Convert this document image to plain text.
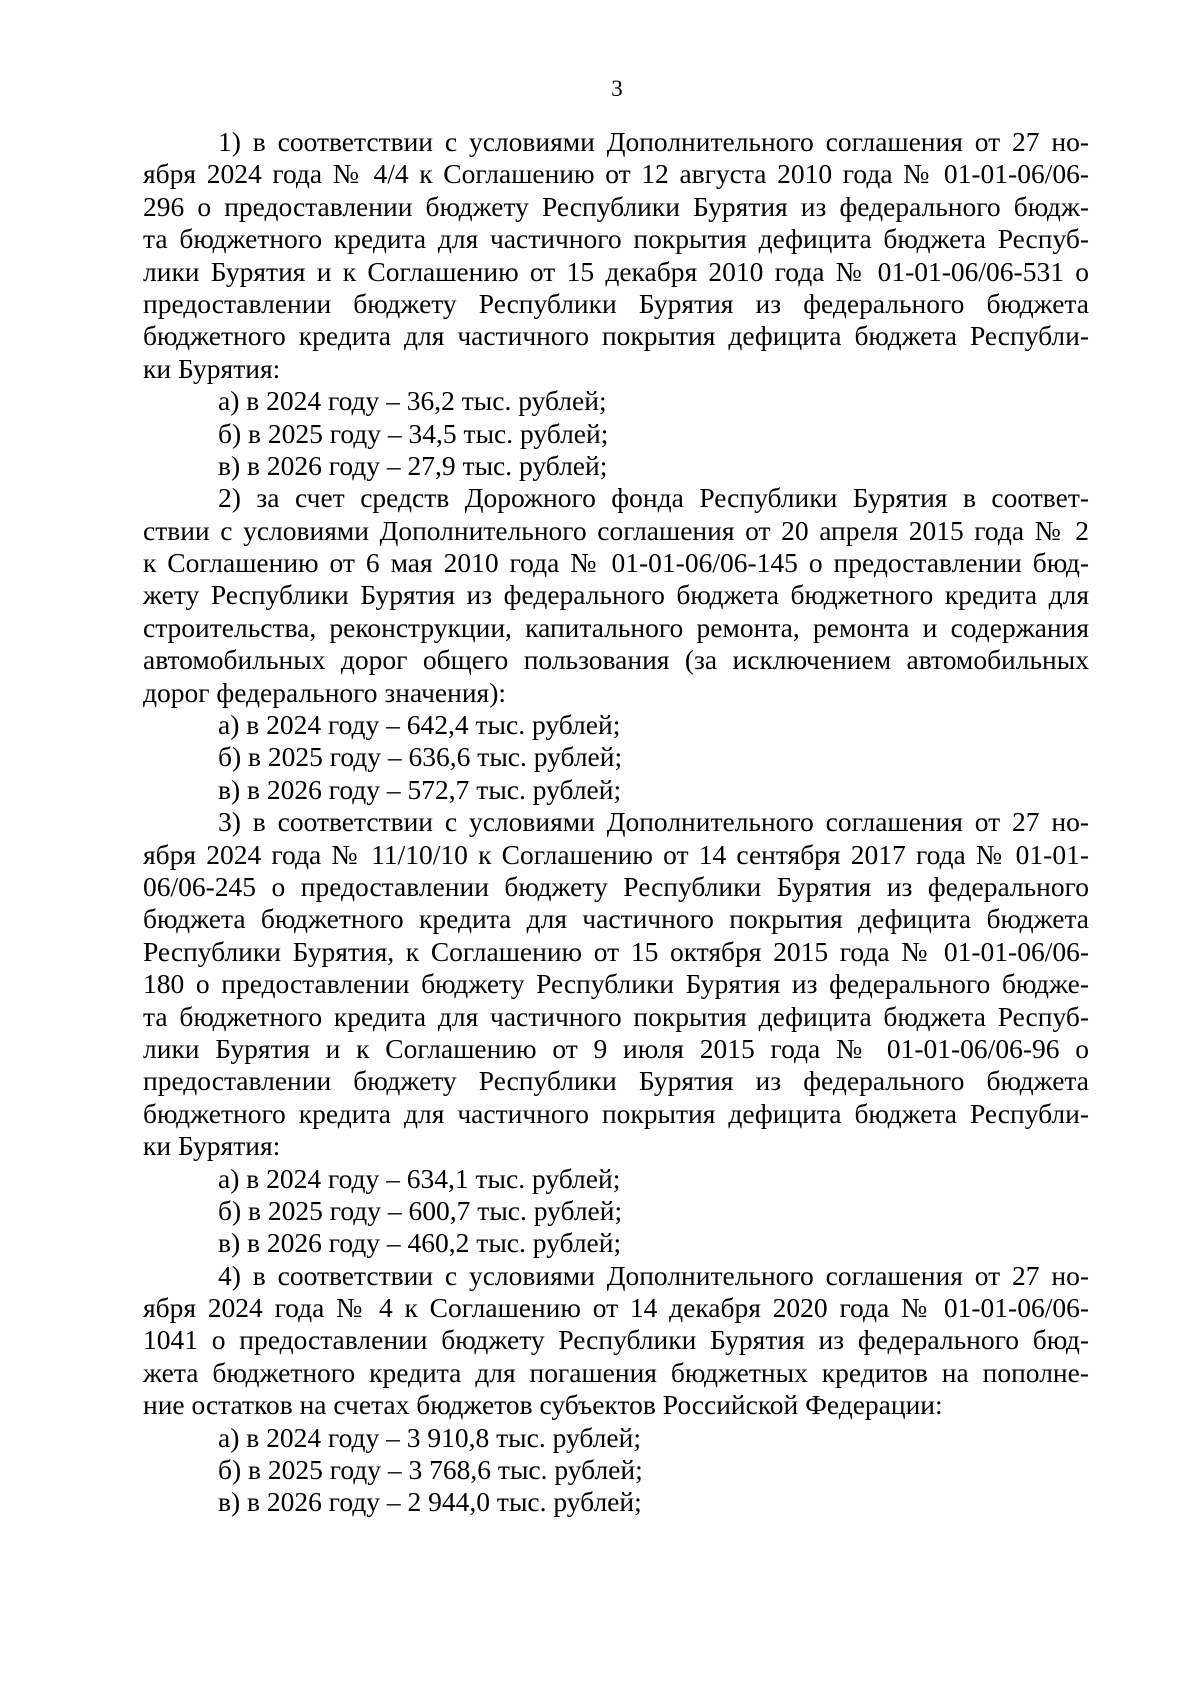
3
1) в соответствии с условиями Дополнительного соглашения от 27 но-
ября 2024 года № 4/4 к Соглашению от 12 августа 2010 года № 01-01-06/06-
296 о предоставлении бюджету Республики Бурятия из федерального бюдж-
та бюджетного кредита для частичного покрытия дефицита бюджета Респуб-
лики Бурятия и к Соглашению от 15 декабря 2010 года № 01-01-06/06-531 о
предоставлении бюджету Республики Бурятия из федерального бюджета
бюджетного кредита для частичного покрытия дефицита бюджета Республи-
ки Бурятия:
а) в 2024 году – 36,2 тыс. рублей;
б) в 2025 году – 34,5 тыс. рублей;
в) в 2026 году – 27,9 тыс. рублей;
2) за счет средств Дорожного фонда Республики Бурятия в соответ-
ствии с условиями Дополнительного соглашения от 20 апреля 2015 года № 2
к Соглашению от 6 мая 2010 года № 01-01-06/06-145 о предоставлении бюд-
жету Республики Бурятия из федерального бюджета бюджетного кредита для
строительства, реконструкции, капитального ремонта, ремонта и содержания
автомобильных дорог общего пользования (за исключением автомобильных
дорог федерального значения):
а) в 2024 году – 642,4 тыс. рублей;
б) в 2025 году – 636,6 тыс. рублей;
в) в 2026 году – 572,7 тыс. рублей;
3) в соответствии с условиями Дополнительного соглашения от 27 но-
ября 2024 года № 11/10/10 к Соглашению от 14 сентября 2017 года № 01-01-
06/06-245 о предоставлении бюджету Республики Бурятия из федерального
бюджета бюджетного кредита для частичного покрытия дефицита бюджета
Республики Бурятия, к Соглашению от 15 октября 2015 года № 01-01-06/06-
180 о предоставлении бюджету Республики Бурятия из федерального бюдже-
та бюджетного кредита для частичного покрытия дефицита бюджета Респуб-
лики Бурятия и к Соглашению от 9 июля 2015 года № 01-01-06/06-96 о
предоставлении бюджету Республики Бурятия из федерального бюджета
бюджетного кредита для частичного покрытия дефицита бюджета Республи-
ки Бурятия:
а) в 2024 году – 634,1 тыс. рублей;
б) в 2025 году – 600,7 тыс. рублей;
в) в 2026 году – 460,2 тыс. рублей;
4) в соответствии с условиями Дополнительного соглашения от 27 но-
ября 2024 года № 4 к Соглашению от 14 декабря 2020 года № 01-01-06/06-
1041 о предоставлении бюджету Республики Бурятия из федерального бюд-
жета бюджетного кредита для погашения бюджетных кредитов на пополне-
ние остатков на счетах бюджетов субъектов Российской Федерации:
а) в 2024 году – 3 910,8 тыс. рублей;
б) в 2025 году – 3 768,6 тыс. рублей;
в) в 2026 году – 2 944,0 тыс. рублей;
